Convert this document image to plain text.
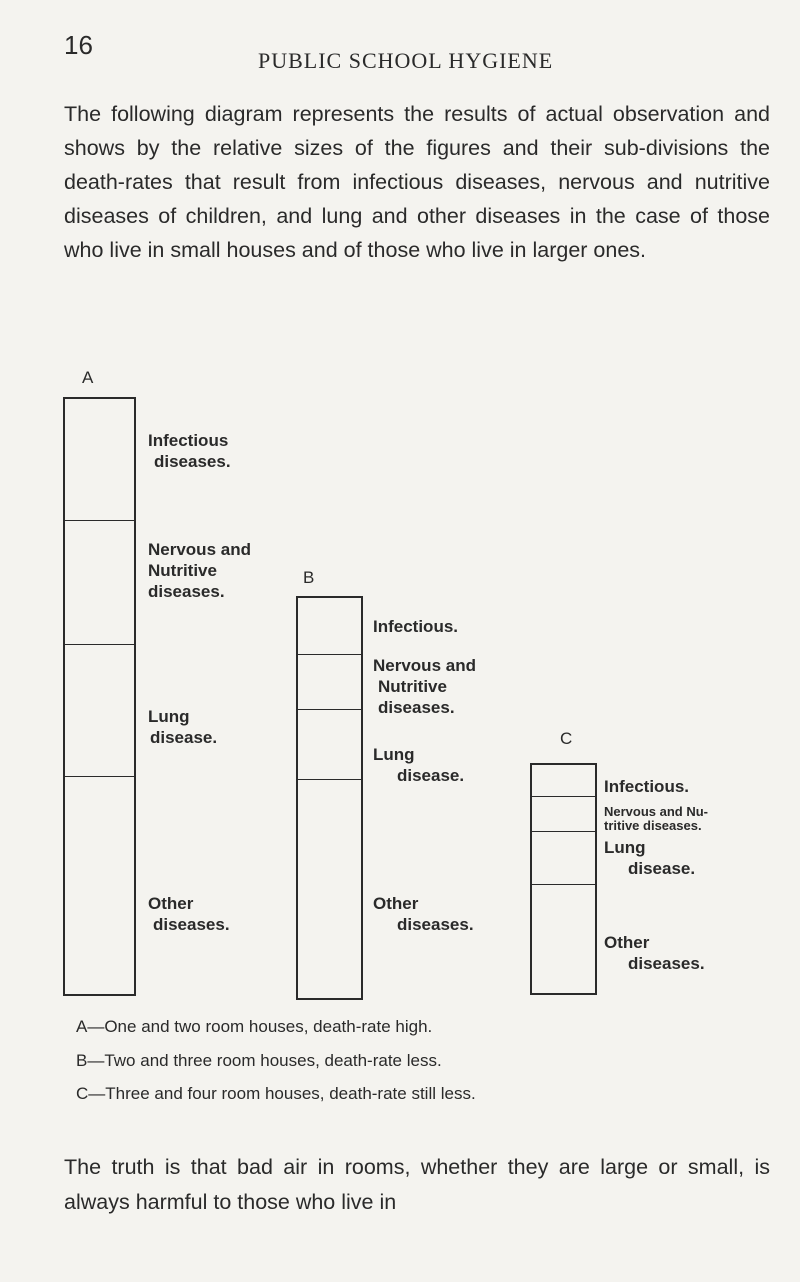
16
PUBLIC SCHOOL HYGIENE
The following diagram represents the results of actual observation and shows by the relative sizes of the figures and their sub-divisions the death-rates that result from infectious diseases, nervous and nutritive diseases of children, and lung and other diseases in the case of those who live in small houses and of those who live in larger ones.
A
Infectious
diseases.
Nervous and
Nutritive
diseases.
Lung
disease.
Other
diseases.
B
Infectious.
Nervous and
Nutritive
diseases.
Lung
disease.
Other
diseases.
C
Infectious.
Nervous and Nu-
tritive diseases.
Lung
disease.
Other
diseases.
A—One and two room houses, death-rate high.
B—Two and three room houses, death-rate less.
C—Three and four room houses, death-rate still less.
The truth is that bad air in rooms, whether they are large or small, is always harmful to those who live in
